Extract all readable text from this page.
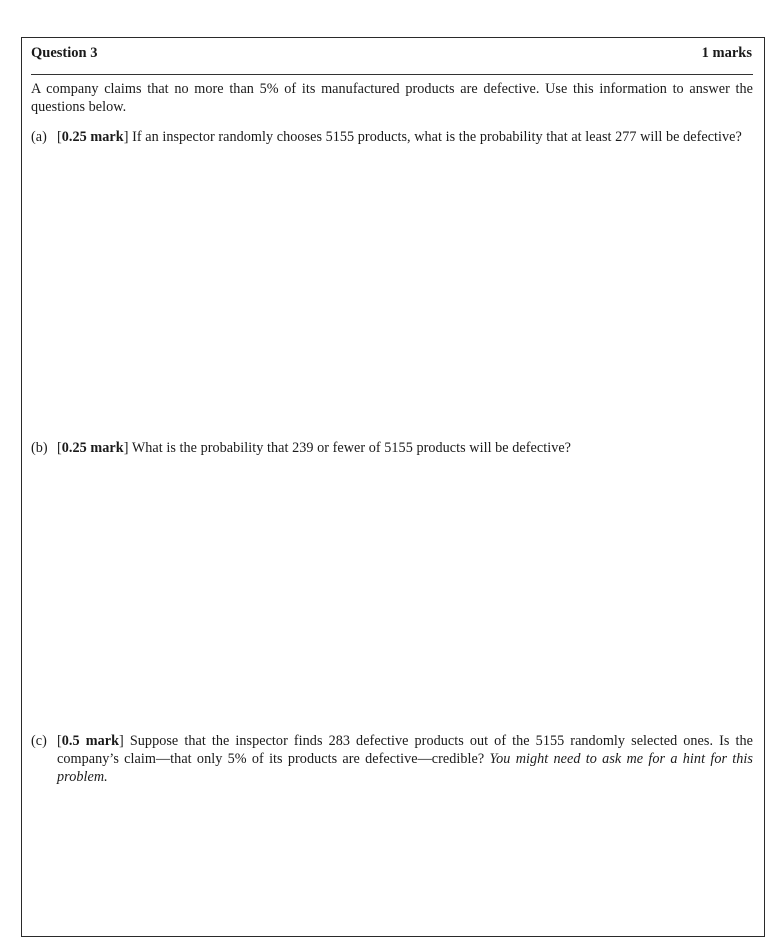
Question 3	1 marks
A company claims that no more than 5% of its manufactured products are defective. Use this information to answer the questions below.
(a) [0.25 mark] If an inspector randomly chooses 5155 products, what is the probability that at least 277 will be defective?
(b) [0.25 mark] What is the probability that 239 or fewer of 5155 products will be defective?
(c) [0.5 mark] Suppose that the inspector finds 283 defective products out of the 5155 randomly selected ones. Is the company’s claim—that only 5% of its products are defective—credible? You might need to ask me for a hint for this problem.
